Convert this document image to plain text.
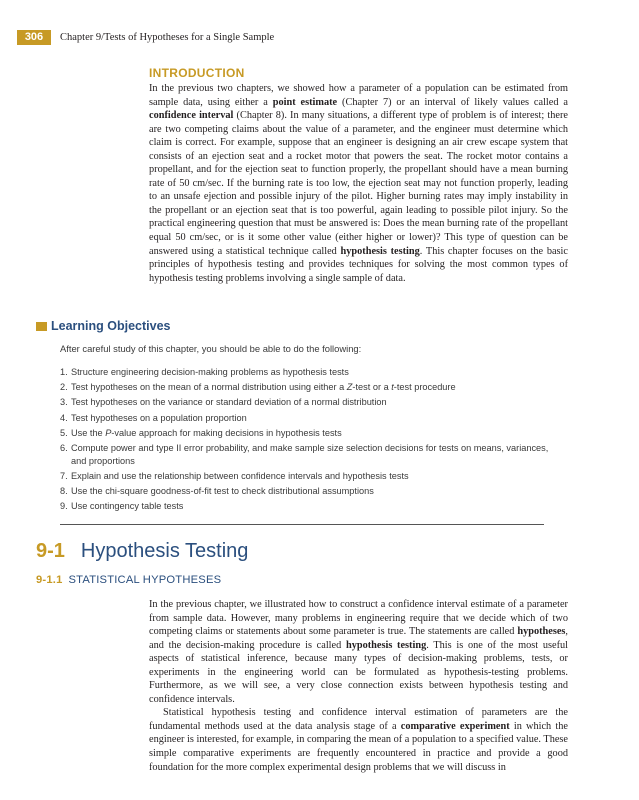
306	Chapter 9/Tests of Hypotheses for a Single Sample
INTRODUCTION

In the previous two chapters, we showed how a parameter of a population can be estimated from sample data, using either a point estimate (Chapter 7) or an interval of likely values called a confidence interval (Chapter 8). In many situations, a different type of problem is of interest; there are two competing claims about the value of a parameter, and the engineer must determine which claim is correct. For example, suppose that an engineer is designing an air crew escape system that consists of an ejection seat and a rocket motor that powers the seat. The rocket motor contains a propellant, and for the ejection seat to function properly, the propellant should have a mean burning rate of 50 cm/sec. If the burning rate is too low, the ejection seat may not function properly, leading to an unsafe ejection and possible injury of the pilot. Higher burning rates may imply instability in the propellant or an ejection seat that is too powerful, again leading to possible pilot injury. So the practical engineering question that must be answered is: Does the mean burning rate of the propellant equal 50 cm/sec, or is it some other value (either higher or lower)? This type of question can be answered using a statistical technique called hypothesis testing. This chapter focuses on the basic principles of hypothesis testing and provides techniques for solving the most common types of hypothesis testing problems involving a single sample of data.

Learning Objectives
After careful study of this chapter, you should be able to do the following:
1. Structure engineering decision-making problems as hypothesis tests
2. Test hypotheses on the mean of a normal distribution using either a Z-test or a t-test procedure
3. Test hypotheses on the variance or standard deviation of a normal distribution
4. Test hypotheses on a population proportion
5. Use the P-value approach for making decisions in hypothesis tests
6. Compute power and type II error probability, and make sample size selection decisions for tests on means, variances, and proportions
7. Explain and use the relationship between confidence intervals and hypothesis tests
8. Use the chi-square goodness-of-fit test to check distributional assumptions
9. Use contingency table tests
9-1 Hypothesis Testing
9-1.1 STATISTICAL HYPOTHESES

In the previous chapter, we illustrated how to construct a confidence interval estimate of a parameter from sample data. However, many problems in engineering require that we decide which of two competing claims or statements about some parameter is true. The statements are called hypotheses, and the decision-making procedure is called hypothesis testing. This is one of the most useful aspects of statistical inference, because many types of decision-making problems, tests, or experiments in the engineering world can be formulated as hypothesis-testing problems. Furthermore, as we will see, a very close connection exists between hypothesis testing and confidence intervals.

Statistical hypothesis testing and confidence interval estimation of parameters are the fundamental methods used at the data analysis stage of a comparative experiment in which the engineer is interested, for example, in comparing the mean of a population to a specified value. These simple comparative experiments are frequently encountered in practice and provide a good foundation for the more complex experimental design problems that we will discuss in
